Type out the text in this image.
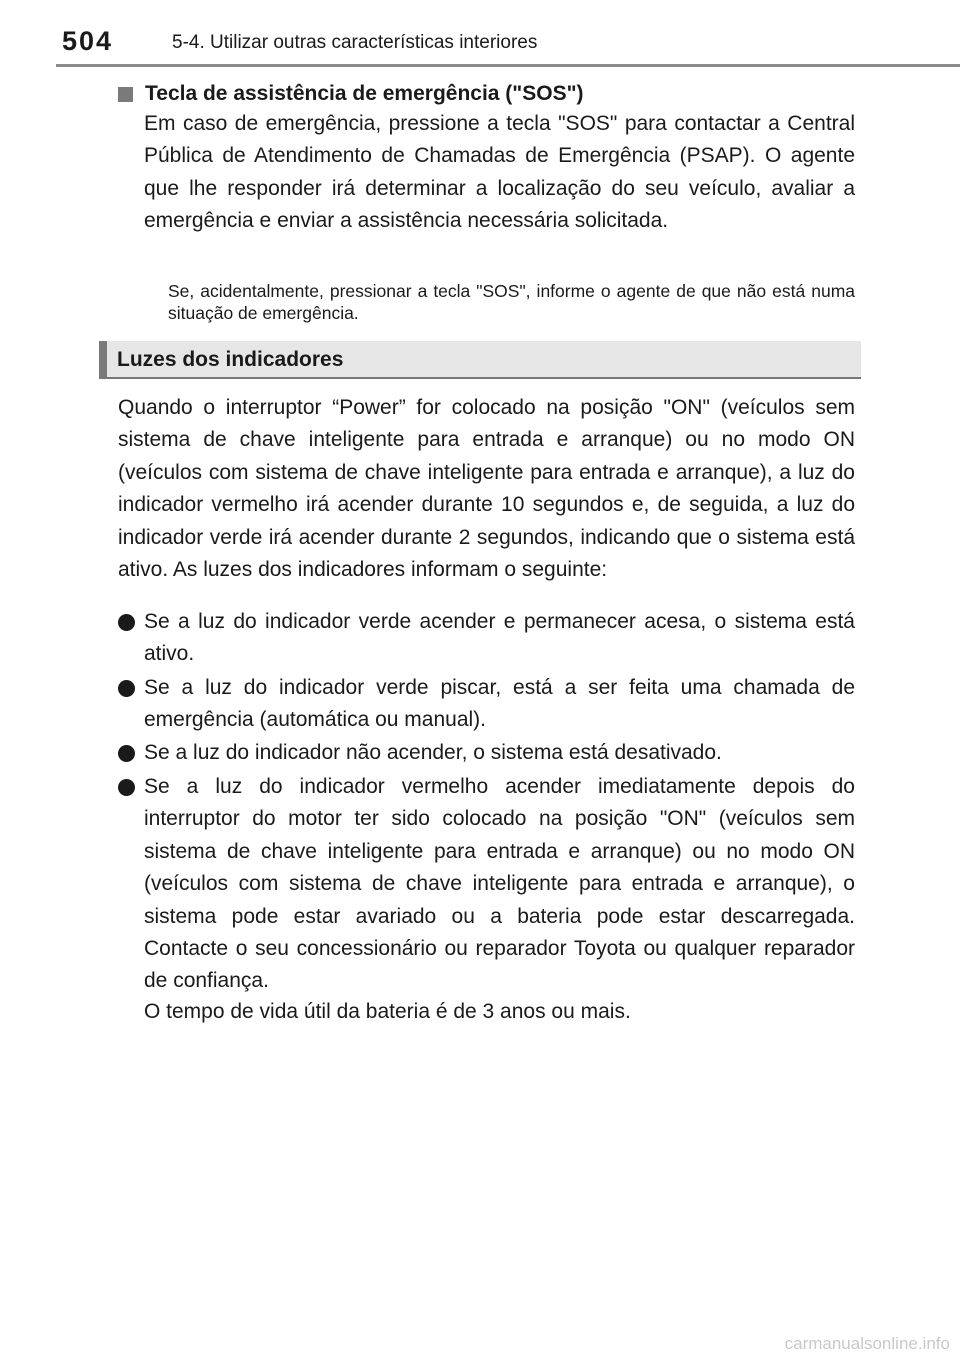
504	5-4. Utilizar outras características interiores
Tecla de assistência de emergência ("SOS")
Em caso de emergência, pressione a tecla "SOS" para contactar a Central Pública de Atendimento de Chamadas de Emergência (PSAP). O agente que lhe responder irá determinar a localização do seu veículo, avaliar a emergência e enviar a assistência necessária solicitada.
Se, acidentalmente, pressionar a tecla "SOS", informe o agente de que não está numa situação de emergência.
Luzes dos indicadores
Quando o interruptor “Power” for colocado na posição "ON" (veículos sem sistema de chave inteligente para entrada e arranque) ou no modo ON (veículos com sistema de chave inteligente para entrada e arranque), a luz do indicador vermelho irá acender durante 10 segundos e, de seguida, a luz do indicador verde irá acender durante 2 segundos, indicando que o sistema está ativo. As luzes dos indicadores informam o seguinte:
Se a luz do indicador verde acender e permanecer acesa, o sistema está ativo.
Se a luz do indicador verde piscar, está a ser feita uma chamada de emergência (automática ou manual).
Se a luz do indicador não acender, o sistema está desativado.
Se a luz do indicador vermelho acender imediatamente depois do interruptor do motor ter sido colocado na posição "ON" (veículos sem sistema de chave inteligente para entrada e arranque) ou no modo ON (veículos com sistema de chave inteligente para entrada e arranque), o sistema pode estar avariado ou a bateria pode estar descarregada. Contacte o seu concessionário ou reparador Toyota ou qualquer reparador de confiança.
O tempo de vida útil da bateria é de 3 anos ou mais.
carmanualsonline.info
